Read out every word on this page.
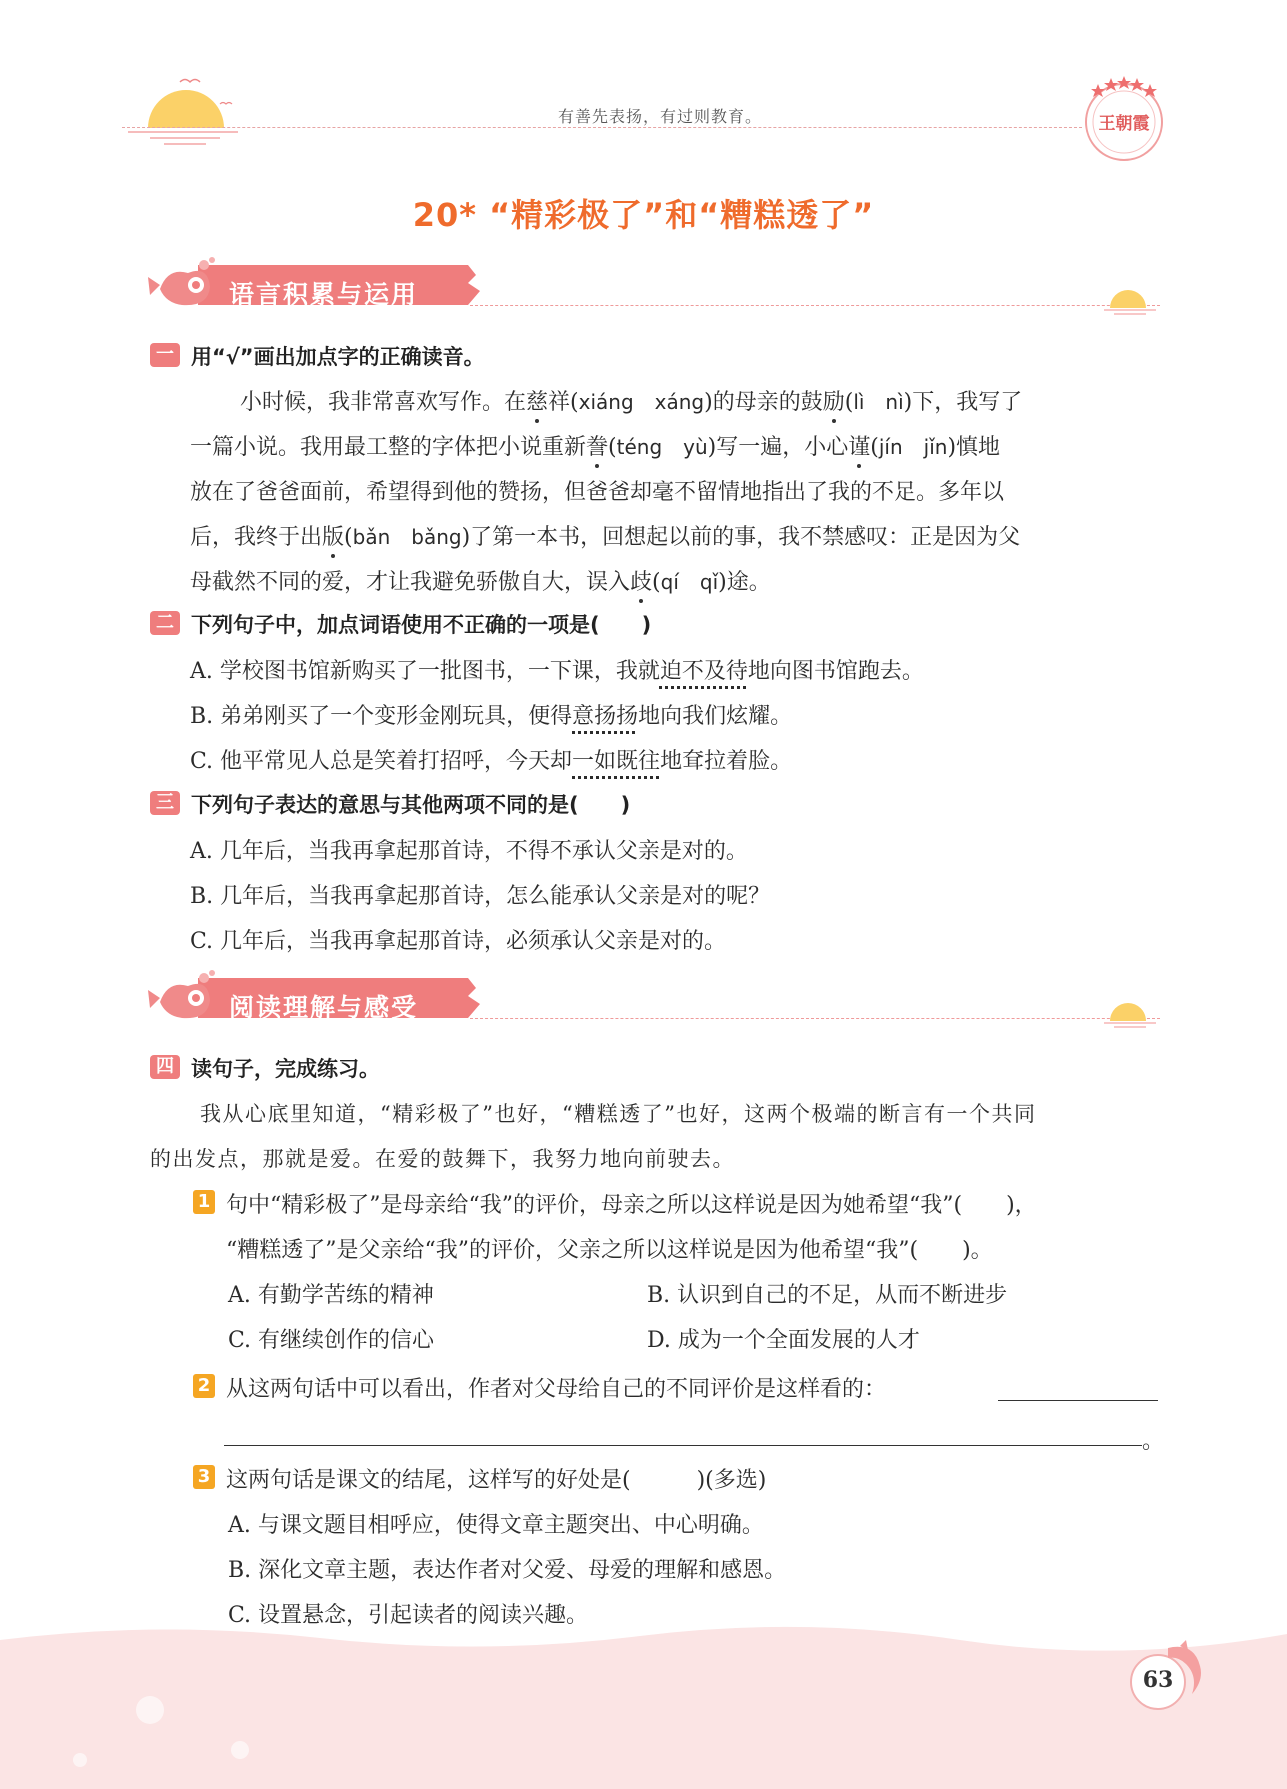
有善先表扬，有过则教育。	王朝霞
20* “精彩极了”和“糟糕透了”
语言积累与运用
一 用“√”画出加点字的正确读音。
小时候，我非常喜欢写作。在慈祥(xiáng xáng)的母亲的鼓励(lì nì)下，我写了
一篇小说。我用最工整的字体把小说重新誊(téng yù)写一遍，小心谨(jín jǐn)慎地
放在了爸爸面前，希望得到他的赞扬，但爸爸却毫不留情地指出了我的不足。多年以
后，我终于出版(bǎn bǎng)了第一本书，回想起以前的事，我不禁感叹：正是因为父
母截然不同的爱，才让我避免骄傲自大，误入歧(qí qǐ)途。
二 下列句子中，加点词语使用不正确的一项是(　　)
A. 学校图书馆新购买了一批图书，一下课，我就迫不及待地向图书馆跑去。
B. 弟弟刚买了一个变形金刚玩具，便得意扬扬地向我们炫耀。
C. 他平常见人总是笑着打招呼，今天却一如既往地耷拉着脸。
三 下列句子表达的意思与其他两项不同的是(　　)
A. 几年后，当我再拿起那首诗，不得不承认父亲是对的。
B. 几年后，当我再拿起那首诗，怎么能承认父亲是对的呢？
C. 几年后，当我再拿起那首诗，必须承认父亲是对的。
阅读理解与感受
四 读句子，完成练习。
我从心底里知道，“精彩极了”也好，“糟糕透了”也好，这两个极端的断言有一个共同
的出发点，那就是爱。在爱的鼓舞下，我努力地向前驶去。
1 句中“精彩极了”是母亲给“我”的评价，母亲之所以这样说是因为她希望“我”(　　)，
“糟糕透了”是父亲给“我”的评价，父亲之所以这样说是因为他希望“我”(　　)。
A. 有勤学苦练的精神	B. 认识到自己的不足，从而不断进步
C. 有继续创作的信心	D. 成为一个全面发展的人才
2 从这两句话中可以看出，作者对父母给自己的不同评价是这样看的：
。
3 这两句话是课文的结尾，这样写的好处是(　　　)(多选)
A. 与课文题目相呼应，使得文章主题突出、中心明确。
B. 深化文章主题，表达作者对父爱、母爱的理解和感恩。
C. 设置悬念，引起读者的阅读兴趣。
63
